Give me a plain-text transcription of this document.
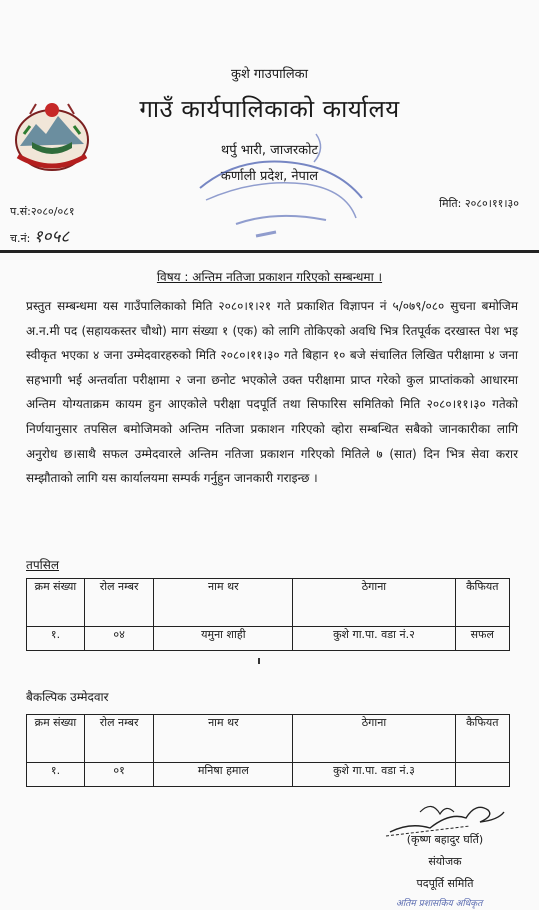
कुशे गाउपालिका
गाउँ कार्यपालिकाको कार्यालय
थर्पु भारी, जाजरकोट
कर्णाली प्रदेश, नेपाल
प.सं:२०८०/०८१
च.नं: १०५८
मिति: २०८०।११।३०
विषय : अन्तिम नतिजा प्रकाशन गरिएको सम्बन्धमा ।
प्रस्तुत सम्बन्धमा यस गाउँपालिकाको मिति २०८०।१।२१ गते प्रकाशित विज्ञापन नं ५/०७९/०८० सुचना बमोजिम अ.न.मी पद (सहायकस्तर चौथो) माग संख्या १ (एक) को लागि तोकिएको अवधि भित्र रितपूर्वक दरखास्त पेश भइ स्वीकृत भएका ४ जना उम्मेदवारहरुको मिति २०८०।११।३० गते बिहान १० बजे संचालित लिखित परीक्षामा ४ जना सहभागी भई अन्तर्वाता परीक्षामा २ जना छनोट भएकोले उक्त परीक्षामा प्राप्त गरेको कुल प्राप्तांकको आधारमा अन्तिम योग्यताक्रम कायम हुन आएकोले परीक्षा पदपूर्ति तथा सिफारिस समितिको मिति २०८०।११।३० गतेको निर्णयानुसार तपसिल बमोजिमको अन्तिम नतिजा प्रकाशन गरिएको व्होरा सम्बन्धित सबैको जानकारीका लागि अनुरोध छ।साथै सफल उम्मेदवारले अन्तिम नतिजा प्रकाशन गरिएको मितिले ७ (सात) दिन भित्र सेवा करार सम्झौताको लागि यस कार्यालयमा सम्पर्क गर्नुहुन जानकारी गराइन्छ ।
तपसिल
क्रम संख्या	रोल नम्बर	नाम थर	ठेगाना	कैफियत
१.	०४	यमुना शाही	कुशे गा.पा. वडा नं.२	सफल
बैकल्पिक उम्मेदवार
क्रम संख्या	रोल नम्बर	नाम थर	ठेगाना	कैफियत
१.	०१	मनिषा हमाल	कुशे गा.पा. वडा नं.३	
(कृष्ण बहादुर घर्ति)
संयोजक
पदपूर्ति समिति
अतिम प्रशासकिय अधिकृत
